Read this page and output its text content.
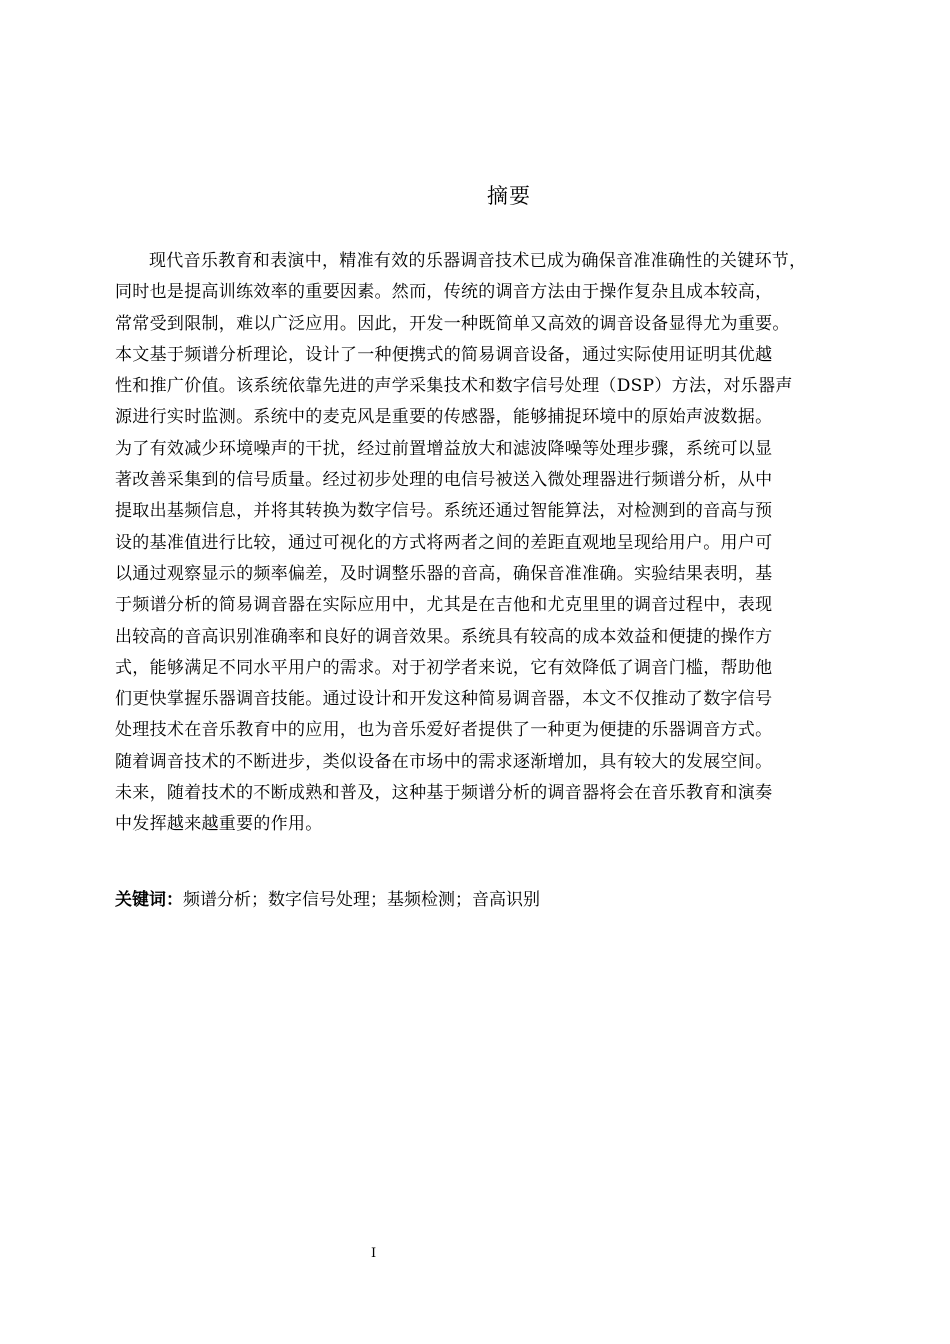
摘要
现代音乐教育和表演中，精准有效的乐器调音技术已成为确保音准准确性的关键环节，
同时也是提高训练效率的重要因素。然而，传统的调音方法由于操作复杂且成本较高，
常常受到限制，难以广泛应用。因此，开发一种既简单又高效的调音设备显得尤为重要。
本文基于频谱分析理论，设计了一种便携式的简易调音设备，通过实际使用证明其优越
性和推广价值。该系统依靠先进的声学采集技术和数字信号处理（DSP）方法，对乐器声
源进行实时监测。系统中的麦克风是重要的传感器，能够捕捉环境中的原始声波数据。
为了有效减少环境噪声的干扰，经过前置增益放大和滤波降噪等处理步骤，系统可以显
著改善采集到的信号质量。经过初步处理的电信号被送入微处理器进行频谱分析，从中
提取出基频信息，并将其转换为数字信号。系统还通过智能算法，对检测到的音高与预
设的基准值进行比较，通过可视化的方式将两者之间的差距直观地呈现给用户。用户可
以通过观察显示的频率偏差，及时调整乐器的音高，确保音准准确。实验结果表明，基
于频谱分析的简易调音器在实际应用中，尤其是在吉他和尤克里里的调音过程中，表现
出较高的音高识别准确率和良好的调音效果。系统具有较高的成本效益和便捷的操作方
式，能够满足不同水平用户的需求。对于初学者来说，它有效降低了调音门槛，帮助他
们更快掌握乐器调音技能。通过设计和开发这种简易调音器，本文不仅推动了数字信号
处理技术在音乐教育中的应用，也为音乐爱好者提供了一种更为便捷的乐器调音方式。
随着调音技术的不断进步，类似设备在市场中的需求逐渐增加，具有较大的发展空间。
未来，随着技术的不断成熟和普及，这种基于频谱分析的调音器将会在音乐教育和演奏
中发挥越来越重要的作用。
关键词：频谱分析；数字信号处理；基频检测；音高识别
I
